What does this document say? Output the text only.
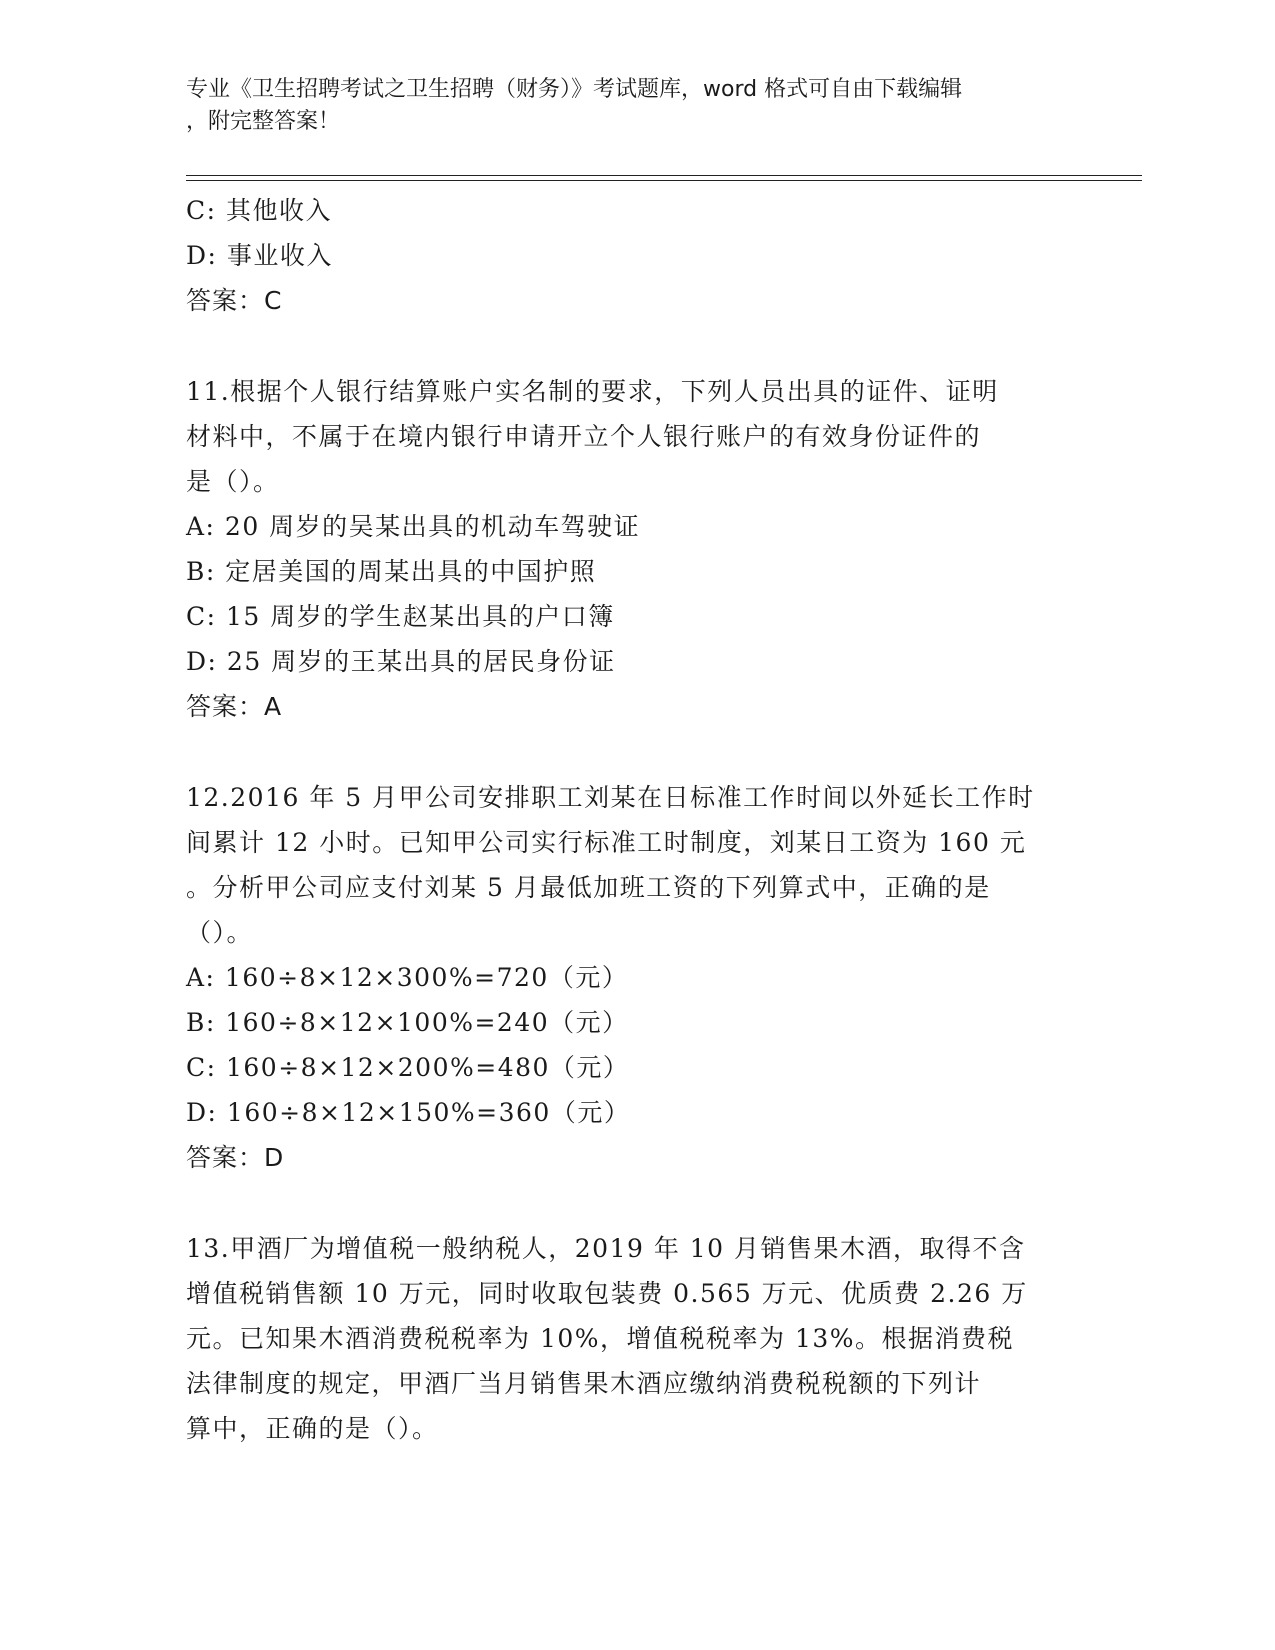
专业《卫生招聘考试之卫生招聘（财务）》考试题库，word 格式可自由下载编辑
，附完整答案！
C: 其他收入
D: 事业收入
答案：C
11.根据个人银行结算账户实名制的要求，下列人员出具的证件、证明
材料中，不属于在境内银行申请开立个人银行账户的有效身份证件的
是（）。
A: 20 周岁的吴某出具的机动车驾驶证
B: 定居美国的周某出具的中国护照
C: 15 周岁的学生赵某出具的户口簿
D: 25 周岁的王某出具的居民身份证
答案：A
12.2016 年 5 月甲公司安排职工刘某在日标准工作时间以外延长工作时
间累计 12 小时。已知甲公司实行标准工时制度，刘某日工资为 160 元
。分析甲公司应支付刘某 5 月最低加班工资的下列算式中，正确的是
（）。
A: 160÷8×12×300%=720（元）
B: 160÷8×12×100%=240（元）
C: 160÷8×12×200%=480（元）
D: 160÷8×12×150%=360（元）
答案：D
13.甲酒厂为增值税一般纳税人，2019 年 10 月销售果木酒，取得不含
增值税销售额 10 万元，同时收取包装费 0.565 万元、优质费 2.26 万
元。已知果木酒消费税税率为 10%，增值税税率为 13%。根据消费税
法律制度的规定，甲酒厂当月销售果木酒应缴纳消费税税额的下列计
算中，正确的是（）。
